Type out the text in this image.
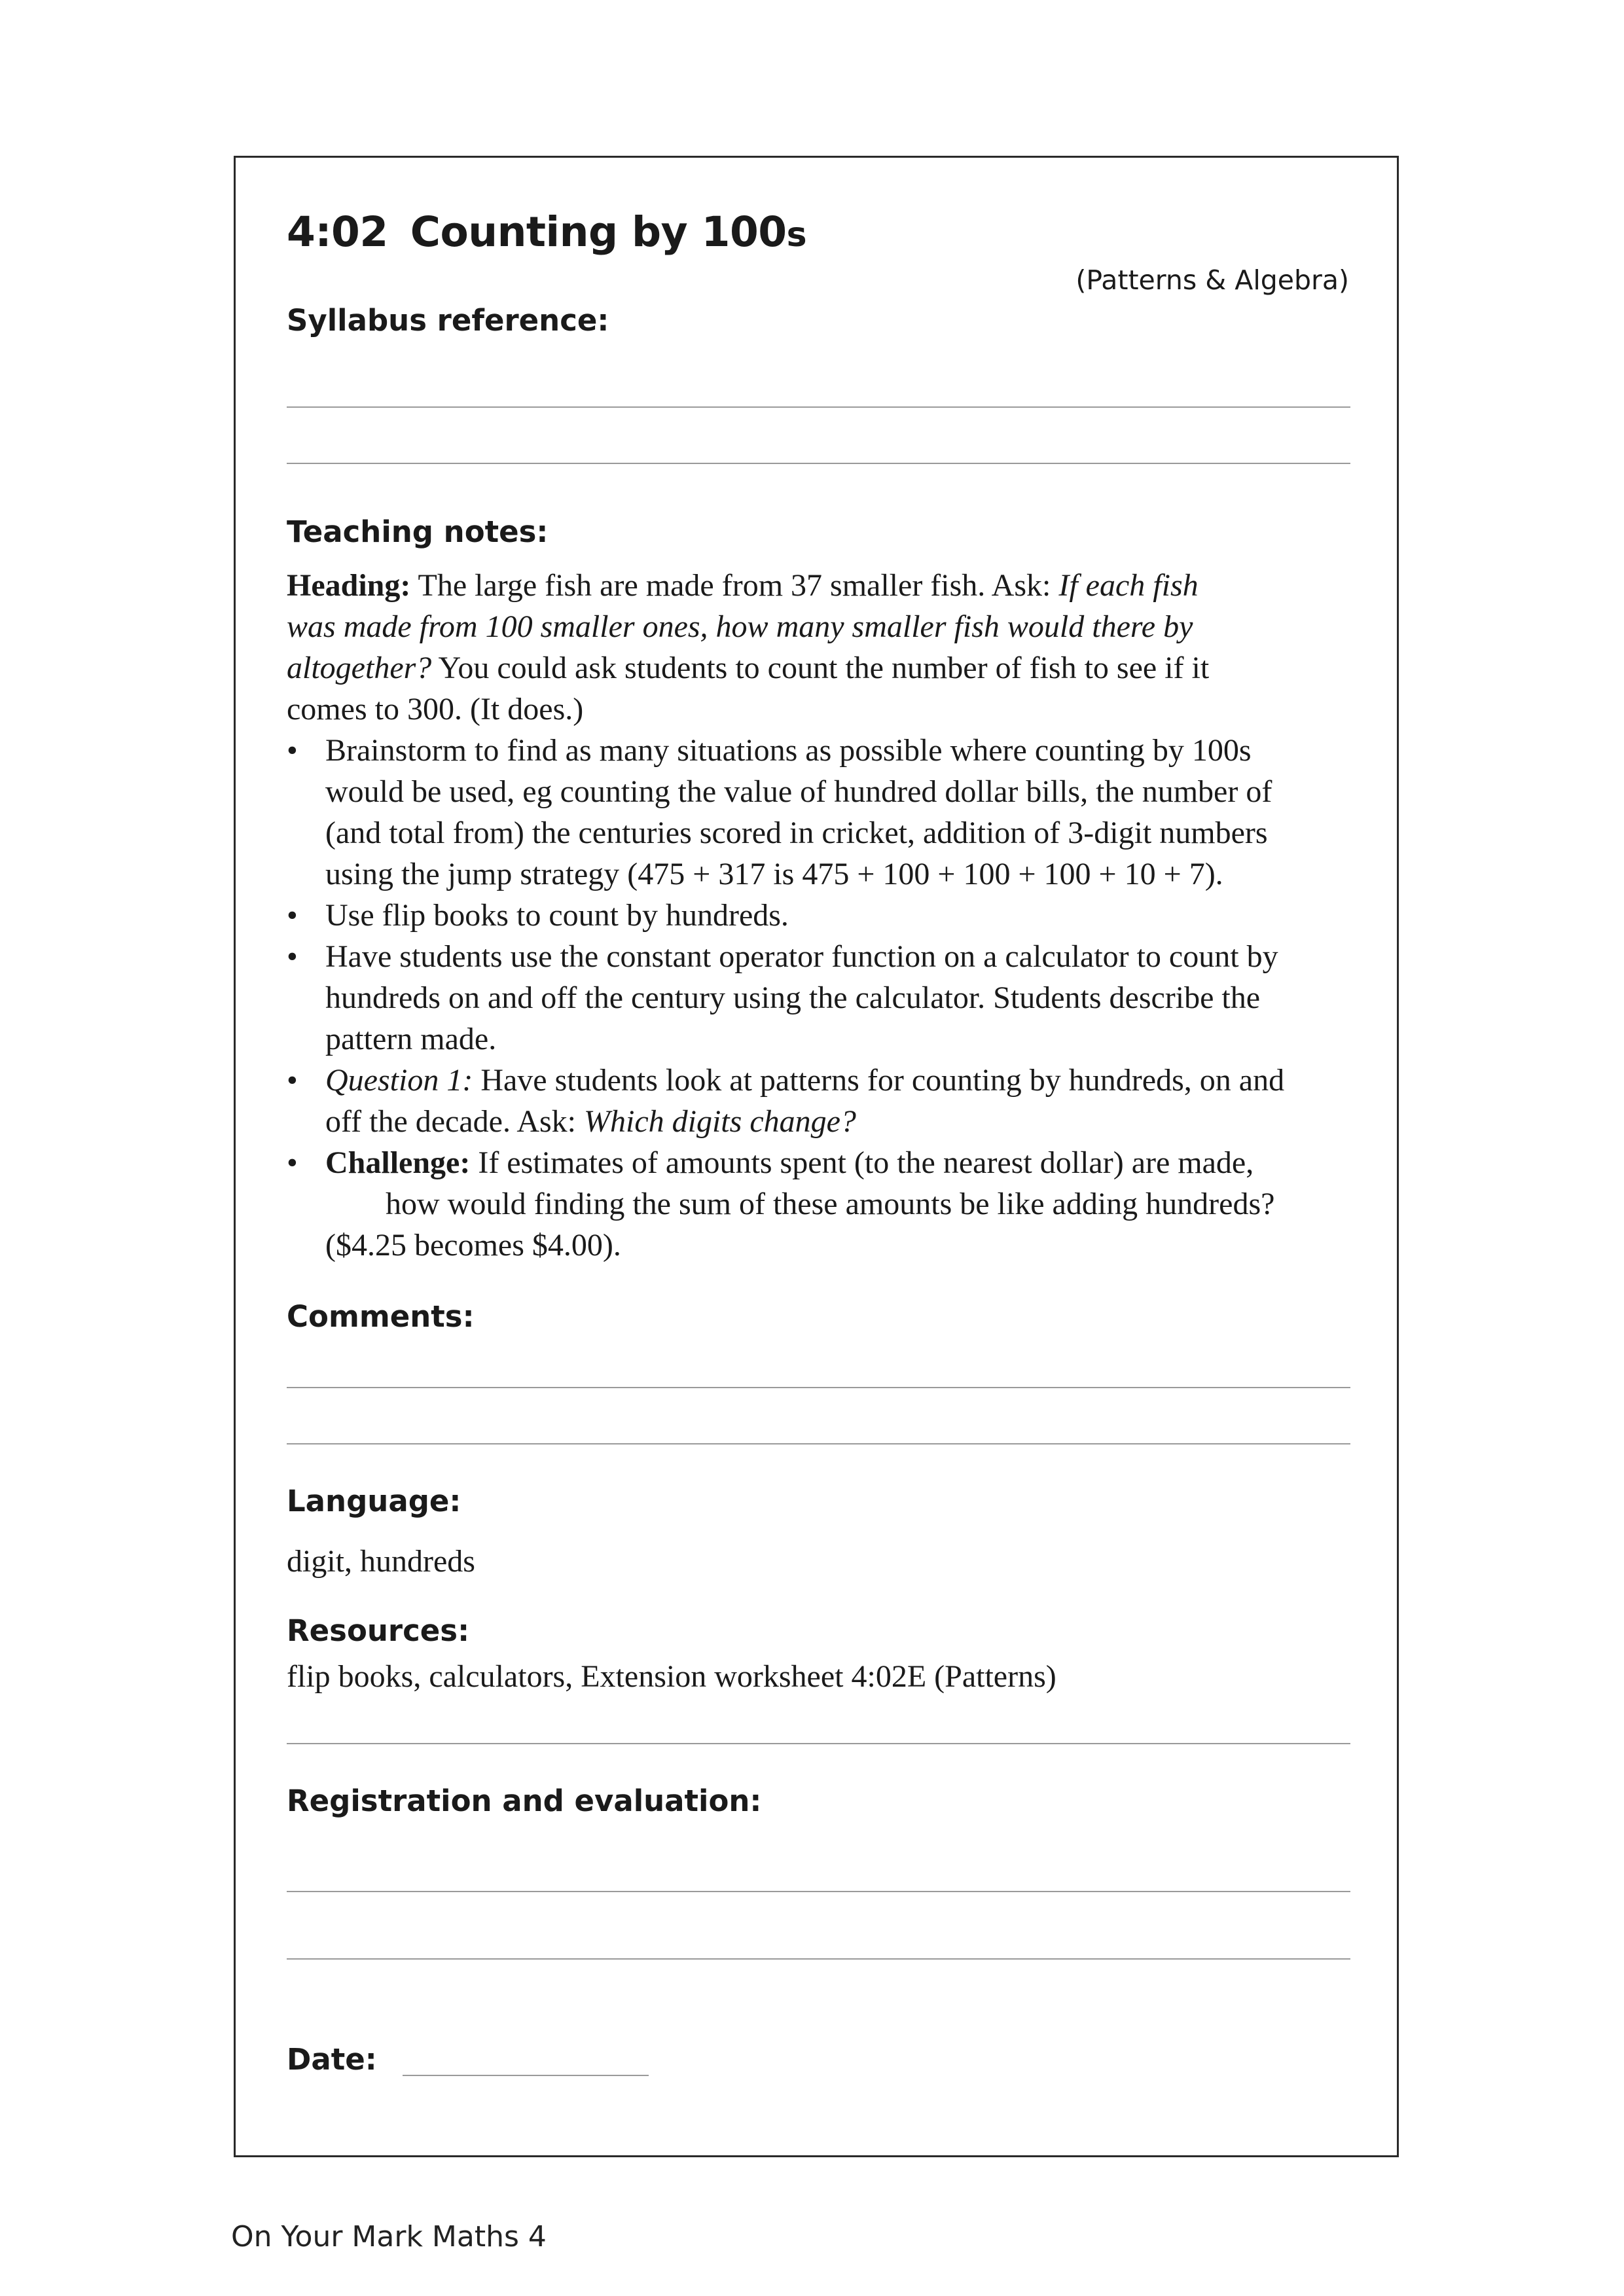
4:02 Counting by 100s
(Patterns & Algebra)
Syllabus reference:
Teaching notes:

Heading: The large fish are made from 37 smaller fish. Ask: If each fish

was made from 100 smaller ones, how many smaller fish would there by

altogether? You could ask students to count the number of fish to see if it

comes to 300. (It does.)

• Brainstorm to find as many situations as possible where counting by 100s
would be used, eg counting the value of hundred dollar bills, the number of
(and total from) the centuries scored in cricket, addition of 3-digit numbers
using the jump strategy (475 + 317 is 475 + 100 + 100 + 100 + 10 + 7).
• Use flip books to count by hundreds.
• Have students use the constant operator function on a calculator to count by
hundreds on and off the century using the calculator. Students describe the
pattern made.
• Question 1: Have students look at patterns for counting by hundreds, on and
off the decade. Ask: Which digits change?
• Challenge: If estimates of amounts spent (to the nearest dollar) are made,
how would finding the sum of these amounts be like adding hundreds?
($4.25 becomes $4.00).
Comments:
Language:
digit, hundreds
Resources:
flip books, calculators, Extension worksheet 4:02E (Patterns)
Registration and evaluation:
Date:
On Your Mark Maths 4
